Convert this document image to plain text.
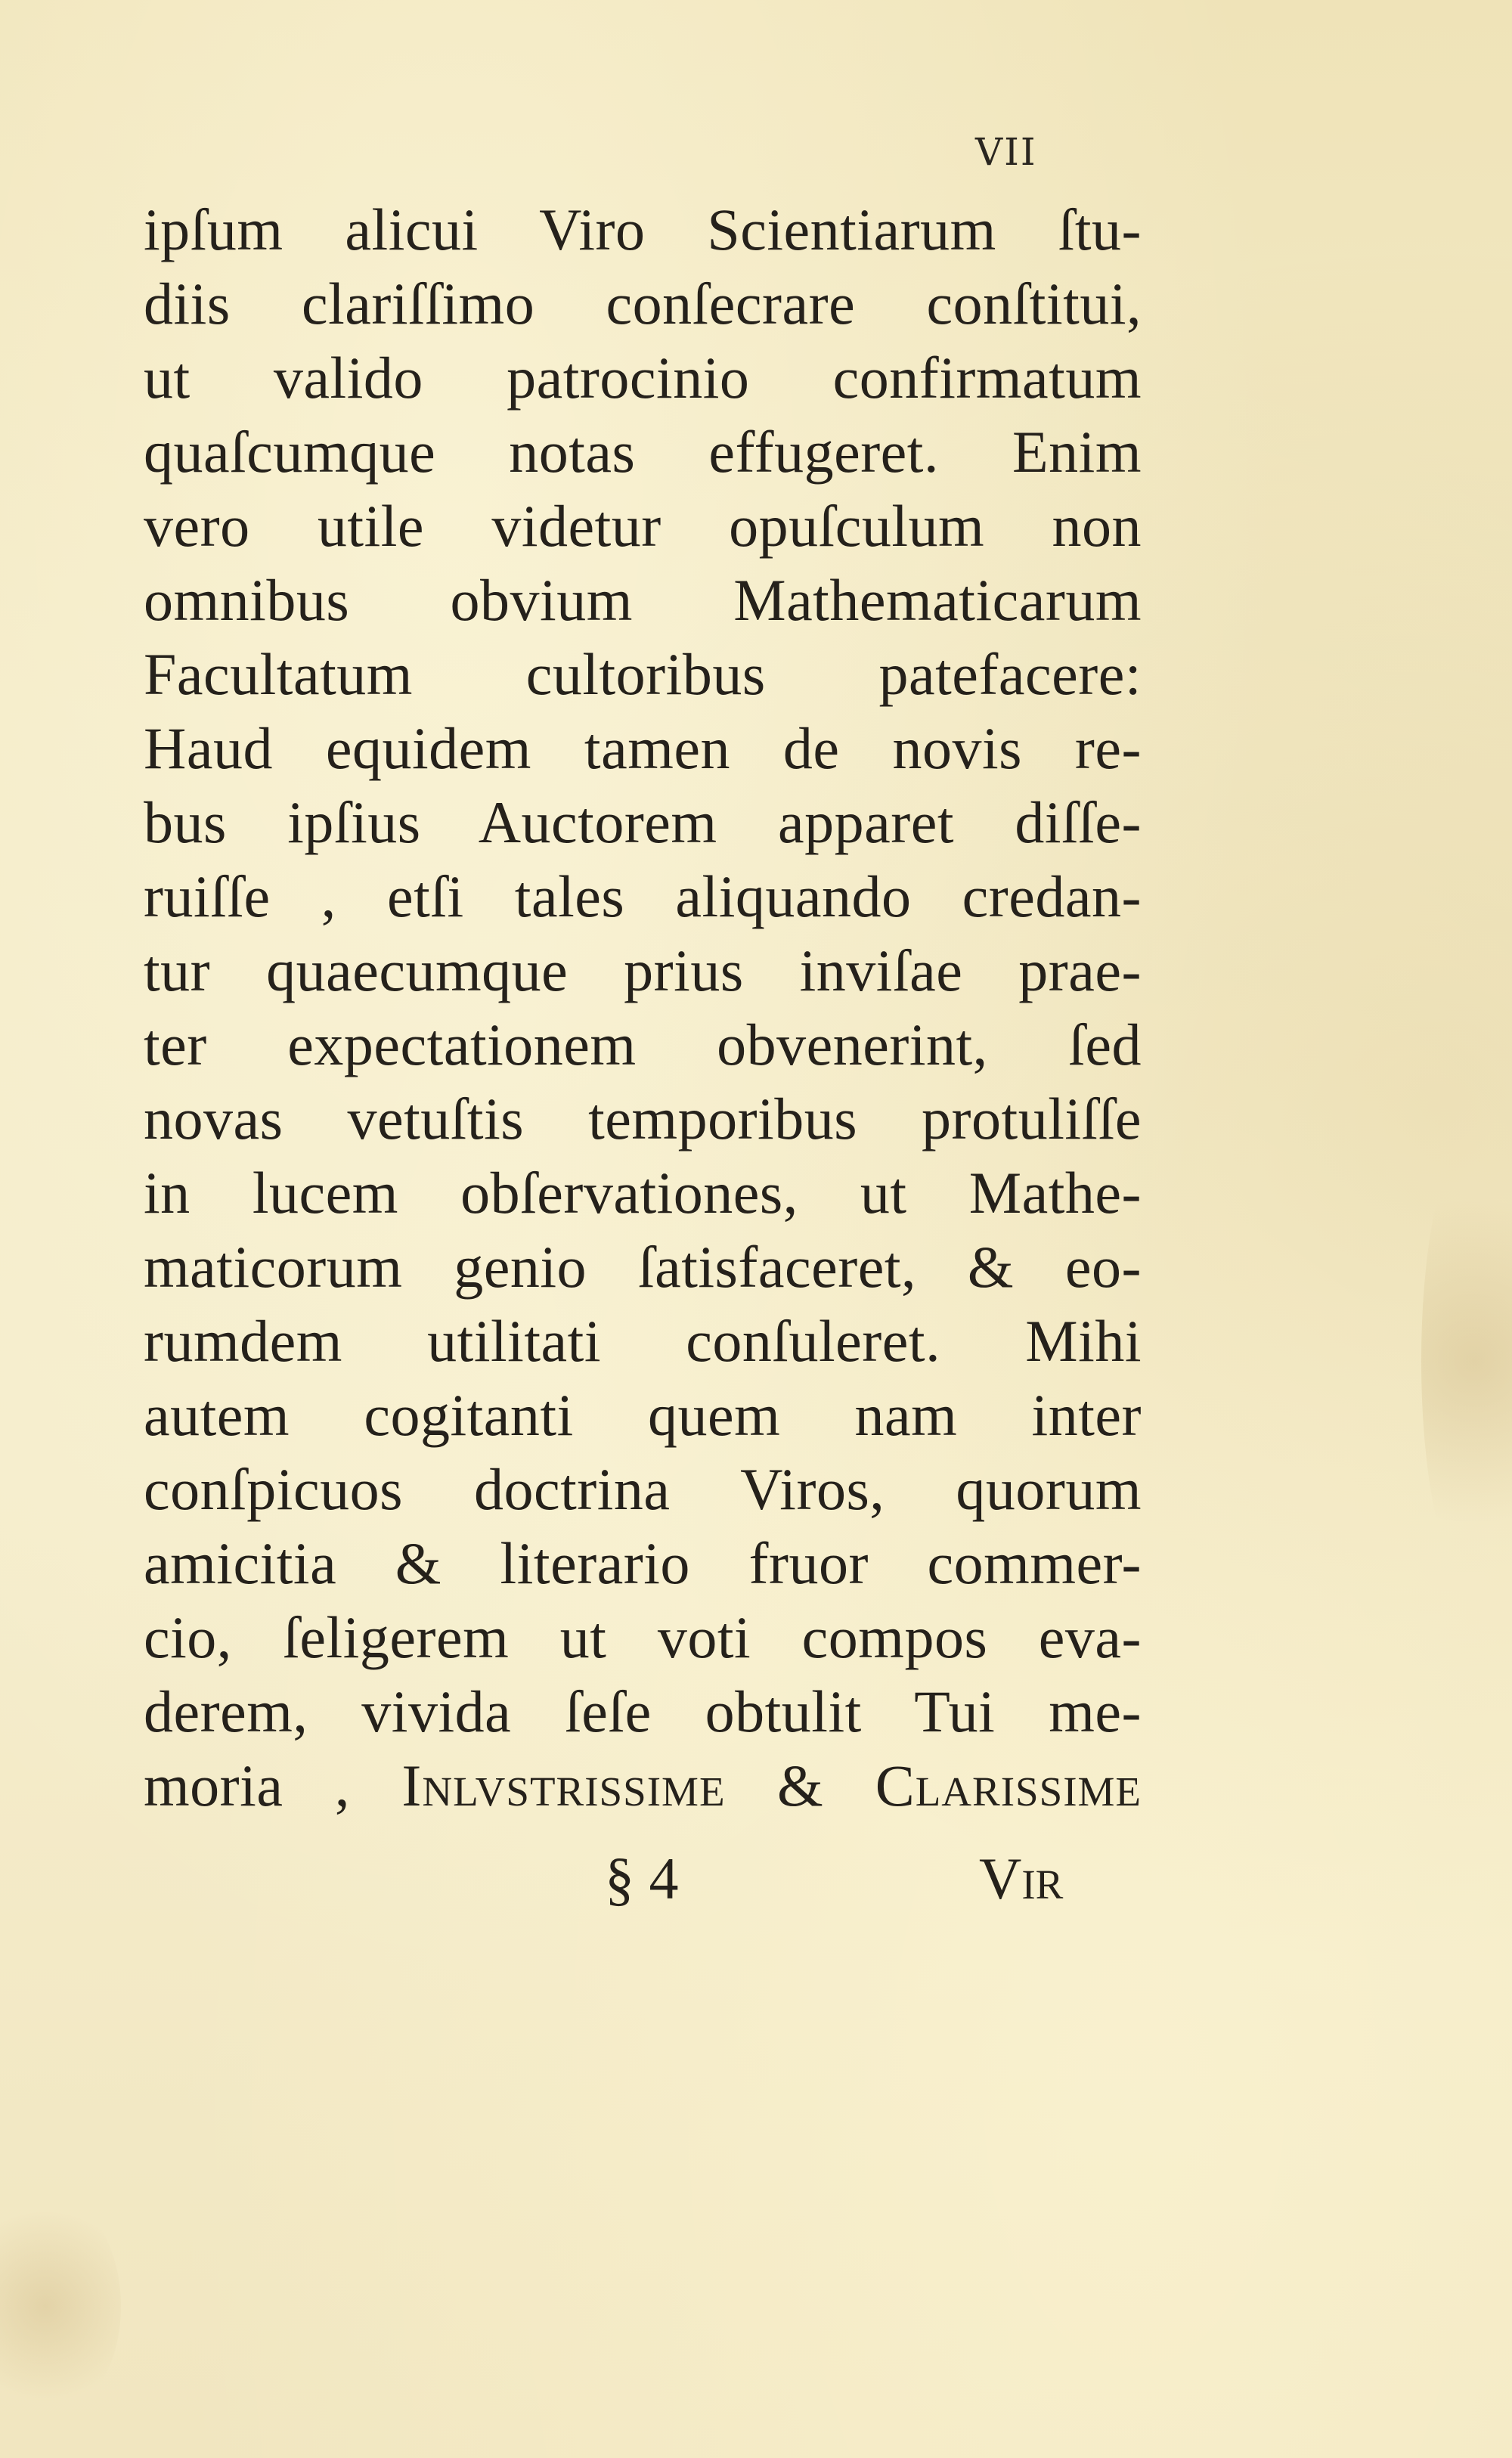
VII
ipſum alicui Viro Scientiarum ſtu-
diis clariſſimo conſecrare conſtitui,
ut valido patrocinio confirmatum
quaſcumque notas effugeret. Enim
vero utile videtur opuſculum non
omnibus obvium Mathematicarum
Facultatum cultoribus patefacere:
Haud equidem tamen de novis re-
bus ipſius Auctorem apparet diſſe-
ruiſſe , etſi tales aliquando credan-
tur quaecumque prius inviſae prae-
ter expectationem obvenerint, ſed
novas vetuſtis temporibus protuliſſe
in lucem obſervationes, ut Mathe-
maticorum genio ſatisfaceret, & eo-
rumdem utilitati conſuleret. Mihi
autem cogitanti quem nam inter
conſpicuos doctrina Viros, quorum
amicitia & literario fruor commer-
cio, ſeligerem ut voti compos eva-
derem, vivida ſeſe obtulit Tui me-
moria , Inlvstrissime & Clarissime
§ 4	Vir
